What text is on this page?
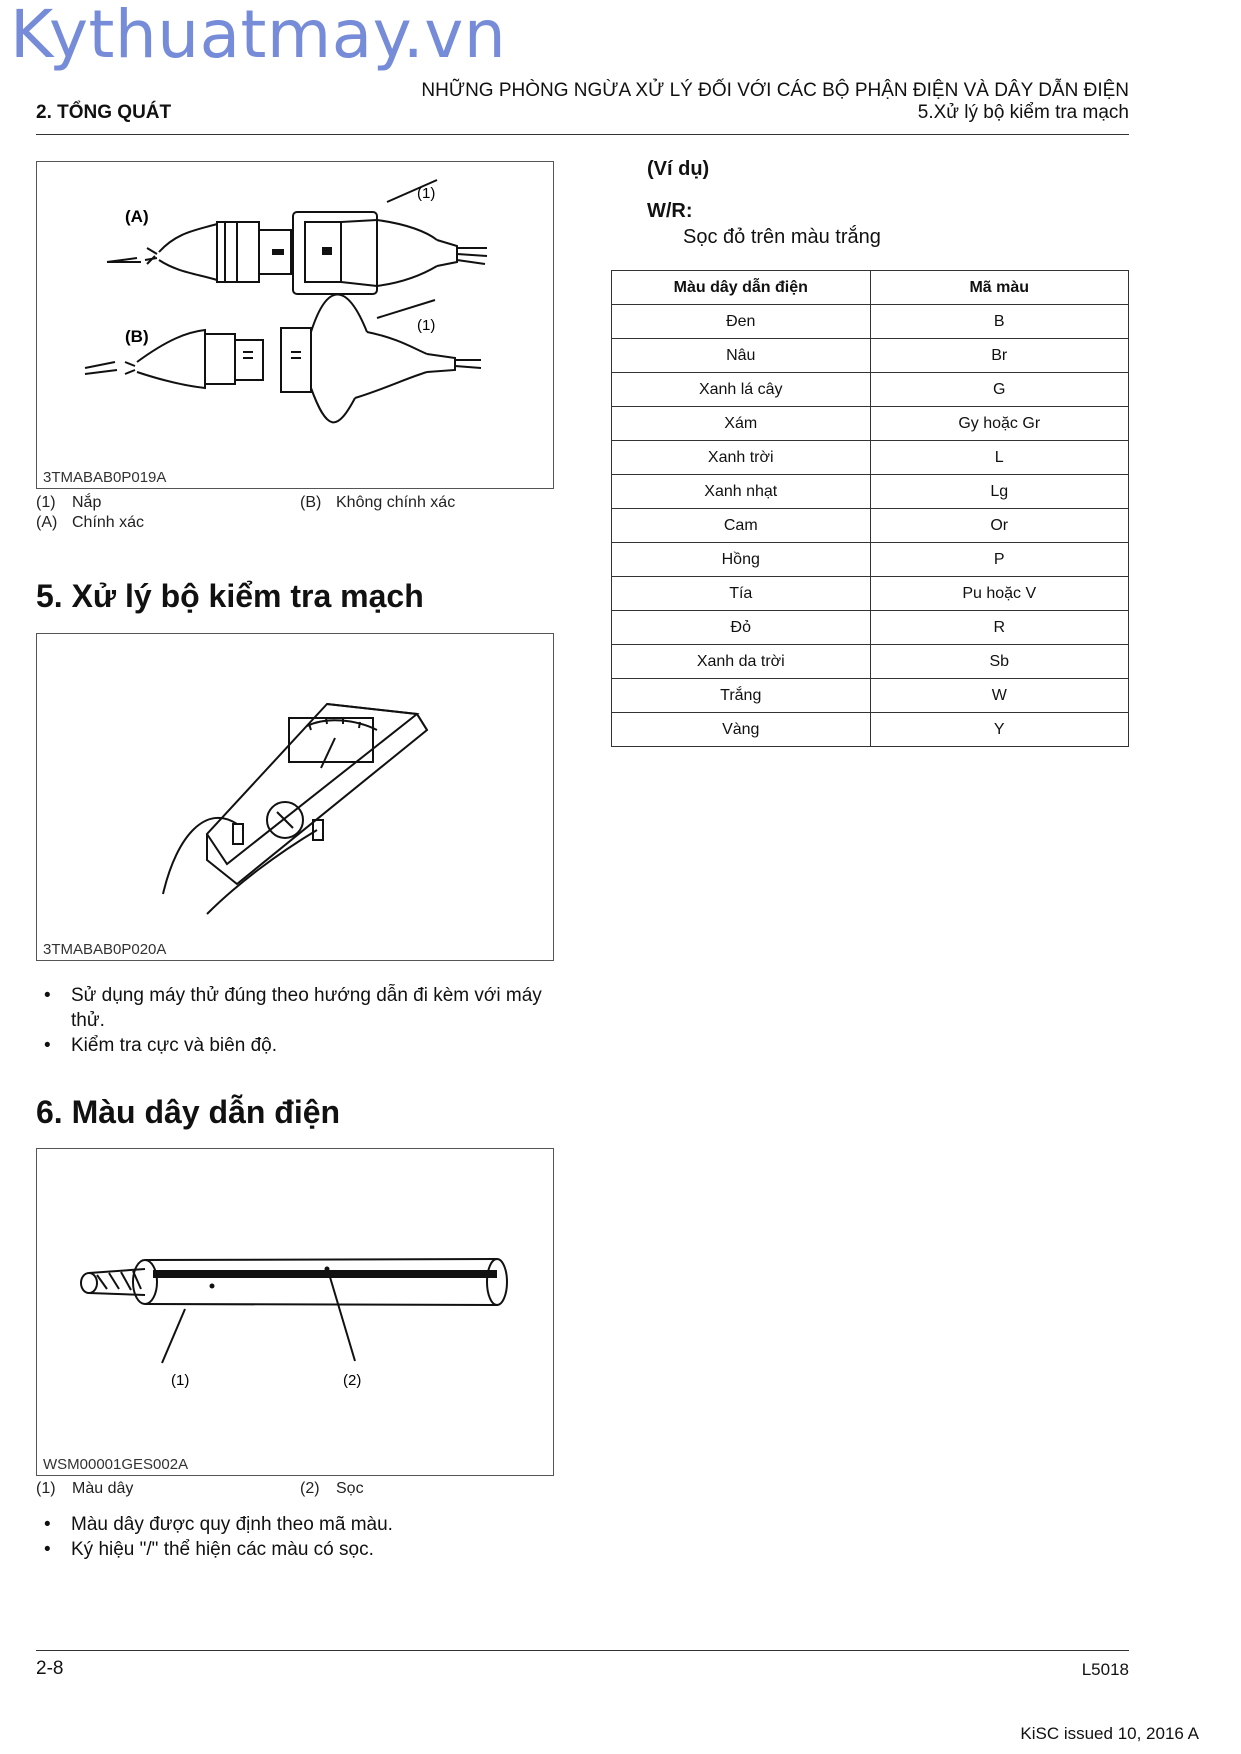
Kythuatmay.vn
2. TỔNG QUÁT
NHỮNG PHÒNG NGỪA XỬ LÝ ĐỐI VỚI CÁC BỘ PHẬN ĐIỆN VÀ DÂY DẪN ĐIỆN
5.Xử lý bộ kiểm tra mạch
(A)
(B)
(1)
(1)
3TMABAB0P019A
(1) Nắp	(B) Không chính xác
(A) Chính xác
5. Xử lý bộ kiểm tra mạch
3TMABAB0P020A
• Sử dụng máy thử đúng theo hướng dẫn đi kèm với máy thử.
• Kiểm tra cực và biên độ.
6. Màu dây dẫn điện
(1)	(2)
WSM00001GES002A
(1) Màu dây	(2) Sọc
• Màu dây được quy định theo mã màu.
• Ký hiệu "/" thể hiện các màu có sọc.
(Ví dụ)
W/R:
Sọc đỏ trên màu trắng
Màu dây dẫn điện	Mã màu
Đen	B
Nâu	Br
Xanh lá cây	G
Xám	Gy hoặc Gr
Xanh trời	L
Xanh nhạt	Lg
Cam	Or
Hồng	P
Tía	Pu hoặc V
Đỏ	R
Xanh da trời	Sb
Trắng	W
Vàng	Y
2-8	L5018
KiSC issued 10, 2016 A
